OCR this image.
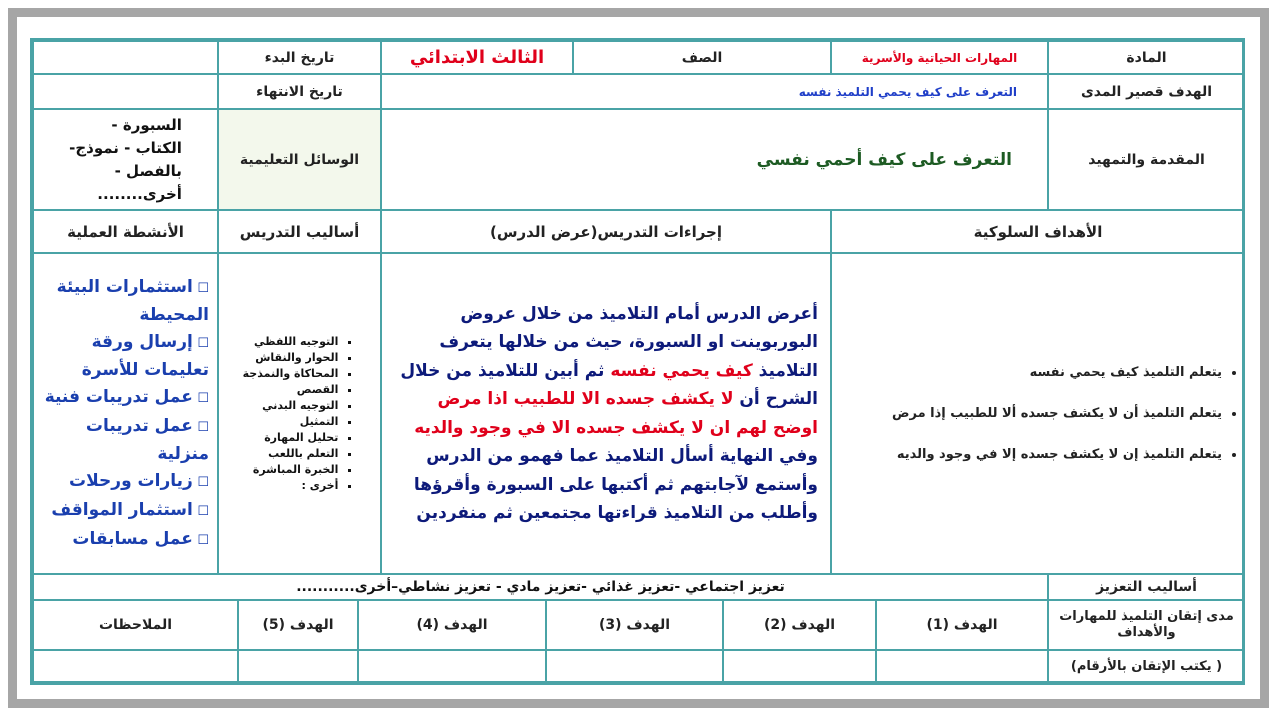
المادة
المهارات الحياتية والأسرية
الصف
الثالث الابتدائي
تاريخ البدء
الهدف قصير المدى
التعرف على كيف يحمي التلميذ نفسه
تاريخ الانتهاء
المقدمة والتمهيد
التعرف على كيف أحمي نفسي
الوسائل التعليمية
السبورة -
الكتاب - نموذج-
بالفصل -
أخرى........
الأهداف السلوكية
إجراءات التدريس(عرض الدرس)
أساليب التدريس
الأنشطة العملية
• يتعلم التلميذ كيف يحمي نفسه
• يتعلم التلميذ أن لا يكشف جسده ألا للطبيب إذا مرض
• يتعلم التلميذ إن لا يكشف جسده إلا في وجود والديه
أعرض الدرس أمام التلاميذ من خلال عروض البوربوينت او السبورة، حيث من خلالها يتعرف التلاميذ كيف يحمي نفسه ثم أبين للتلاميذ من خلال الشرح أن لا يكشف جسده الا للطبيب اذا مرض اوضح لهم ان لا يكشف جسده الا في وجود والديه وفي النهاية أسأل التلاميذ عما فهمو من الدرس وأستمع لآجابتهم ثم أكتبها على السبورة وأقرؤها وأطلب من التلاميذ قراءتها مجتمعين ثم منفردين
▪ التوجيه اللفظي
▪ الحوار والنقاش
▪ المحاكاة والنمذجة
▪ القصص
▪ التوجيه البدني
▪ التمثيل
▪ تحليل المهارة
▪ التعلم باللعب
▪ الخبرة المباشرة
▪ أخرى :
☐ استثمارات البيئة المحيطة
☐ إرسال ورقة تعليمات للأسرة
☐ عمل تدريبات فنية
☐ عمل تدريبات منزلية
☐ زيارات ورحلات
☐ استثمار المواقف
☐ عمل مسابقات
أساليب التعزيز
تعزيز اجتماعي -تعزيز غذائي -تعزيز مادي - تعزيز نشاطي–أخرى...........
مدى إتقان التلميذ للمهارات والأهداف
الهدف (1)
الهدف (2)
الهدف (3)
الهدف (4)
الهدف (5)
الملاحظات
( يكتب الإتقان بالأرقام)
